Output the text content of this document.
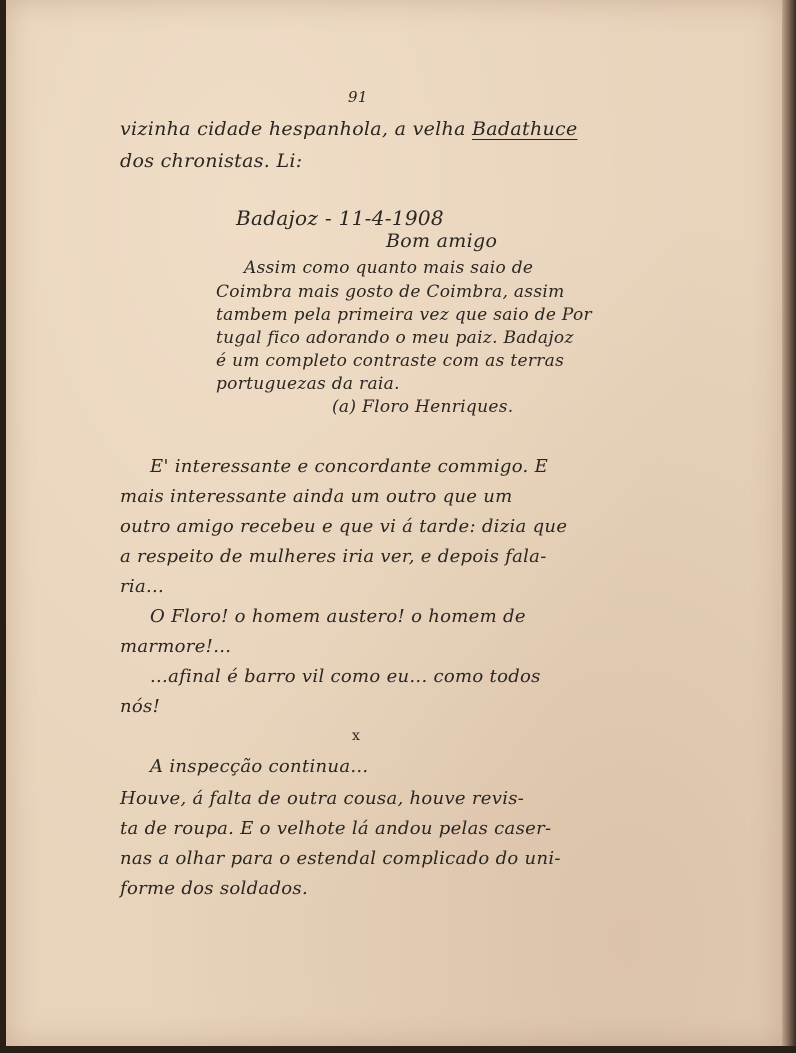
91
vizinha cidade hespanhola, a velha Badathuce
dos chronistas. Li:
Badajoz - 11-4-1908
Bom amigo
Assim como quanto mais saio de
Coimbra mais gosto de Coimbra, assim
tambem pela primeira vez que saio de Por
tugal fico adorando o meu paiz. Badajoz
é um completo contraste com as terras
portuguezas da raia.
(a) Floro Henriques.
E' interessante e concordante commigo. E
mais interessante ainda um outro que um
outro amigo recebeu e que vi á tarde: dizia que
a respeito de mulheres iria ver, e depois fala-
ria...
O Floro! o homem austero! o homem de
marmore!...
...afinal é barro vil como eu... como todos
nós!
x
A inspecção continua...
Houve, á falta de outra cousa, houve revis-
ta de roupa. E o velhote lá andou pelas caser-
nas a olhar para o estendal complicado do uni-
forme dos soldados.
